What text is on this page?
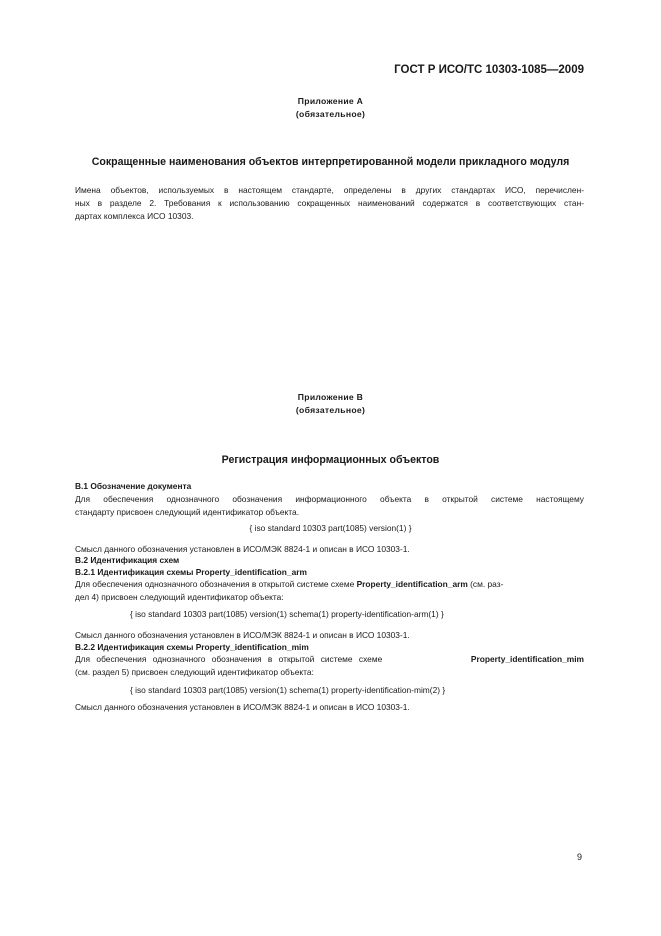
ГОСТ Р ИСО/ТС 10303-1085—2009
Приложение А
(обязательное)
Сокращенные наименования объектов интерпретированной модели прикладного модуля
Имена объектов, используемых в настоящем стандарте, определены в других стандартах ИСО, перечислен-
ных в разделе 2. Требования к использованию сокращенных наименований содержатся в соответствующих стан-
дартах комплекса ИСО 10303.
Приложение В
(обязательное)
Регистрация информационных объектов
В.1 Обозначение документа
Для обеспечения однозначного обозначения информационного объекта в открытой системе настоящему
стандарту присвоен следующий идентификатор объекта.
{ iso standard 10303 part(1085) version(1) }
Смысл данного обозначения установлен в ИСО/МЭК 8824-1 и описан в ИСО 10303-1.
В.2 Идентификация схем
В.2.1 Идентификация схемы Property_identification_arm
Для обеспечения однозначного обозначения в открытой системе схеме Property_identification_arm (см. раз-
дел 4) присвоен следующий идентификатор объекта:
{ iso standard 10303 part(1085) version(1) schema(1) property-identification-arm(1) }
Смысл данного обозначения установлен в ИСО/МЭК 8824-1 и описан в ИСО 10303-1.
В.2.2 Идентификация схемы Property_identification_mim
Для обеспечения однозначного обозначения в открытой системе схеме	Property_identification_mim
(см. раздел 5) присвоен следующий идентификатор объекта:
{ iso standard 10303 part(1085) version(1) schema(1) property-identification-mim(2) }
Смысл данного обозначения установлен в ИСО/МЭК 8824-1 и описан в ИСО 10303-1.
9
